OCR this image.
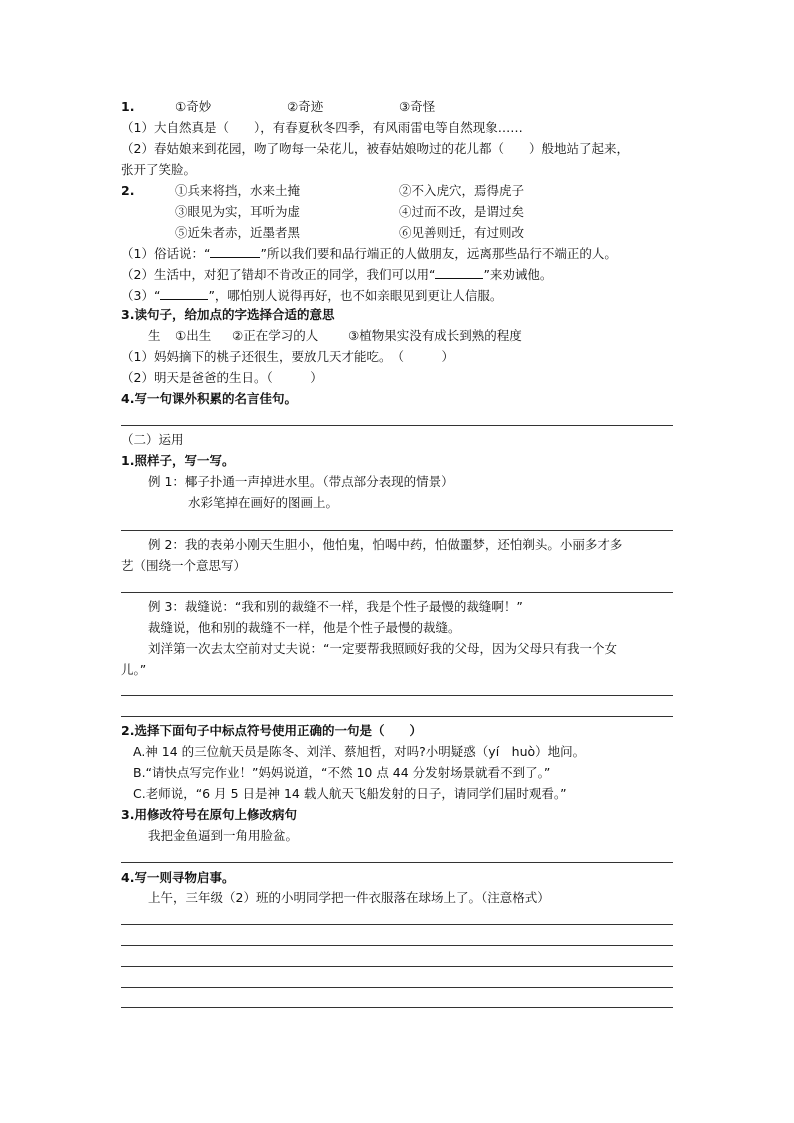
1.	①奇妙	②奇迹	③奇怪
（1）大自然真是（　　），有春夏秋冬四季，有风雨雷电等自然现象……
（2）春姑娘来到花园，吻了吻每一朵花儿，被春姑娘吻过的花儿都（　　）般地站了起来，
张开了笑脸。
2.	①兵来将挡，水来土掩	②不入虎穴，焉得虎子
③眼见为实，耳听为虚	④过而不改，是谓过矣
⑤近朱者赤，近墨者黑	⑥见善则迁，有过则改
（1）俗话说：“	”所以我们要和品行端正的人做朋友，远离那些品行不端正的人。
（2）生活中，对犯了错却不肯改正的同学，我们可以用“	”来劝诫他。
（3）“	”，哪怕别人说得再好，也不如亲眼见到更让人信服。
3.读句子，给加点的字选择合适的意思
生 ①出生 ②正在学习的人 ③植物果实没有成长到熟的程度
（1）妈妈摘下的桃子还很生，要放几天才能吃。　（　　　）
（2）明天是爸爸的生日。（　　　）
4.写一句课外积累的名言佳句。
（二）运用
1.照样子，写一写。
例 1：椰子扑通一声掉进水里。（带点部分表现的情景）
水彩笔掉在画好的图画上。
例 2：我的表弟小刚天生胆小，他怕鬼，怕喝中药，怕做噩梦，还怕剃头。小丽多才多
艺（围绕一个意思写）
例 3：裁缝说：“我和别的裁缝不一样，我是个性子最慢的裁缝啊！”
裁缝说，他和别的裁缝不一样，他是个性子最慢的裁缝。
刘洋第一次去太空前对丈夫说：“一定要帮我照顾好我的父母，因为父母只有我一个女
儿。”
2.选择下面句子中标点符号使用正确的一句是（　　）
A.神 14 的三位航天员是陈冬、刘洋、蔡旭哲，对吗?小明疑惑（yí　huò）地问。
B.“请快点写完作业！”妈妈说道，“不然 10 点 44 分发射场景就看不到了。”
C.老师说，“6 月 5 日是神 14 载人航天飞船发射的日子，请同学们届时观看。”
3.用修改符号在原句上修改病句
我把金鱼逼到一角用脸盆。
4.写一则寻物启事。
上午，三年级（2）班的小明同学把一件衣服落在球场上了。（注意格式）
